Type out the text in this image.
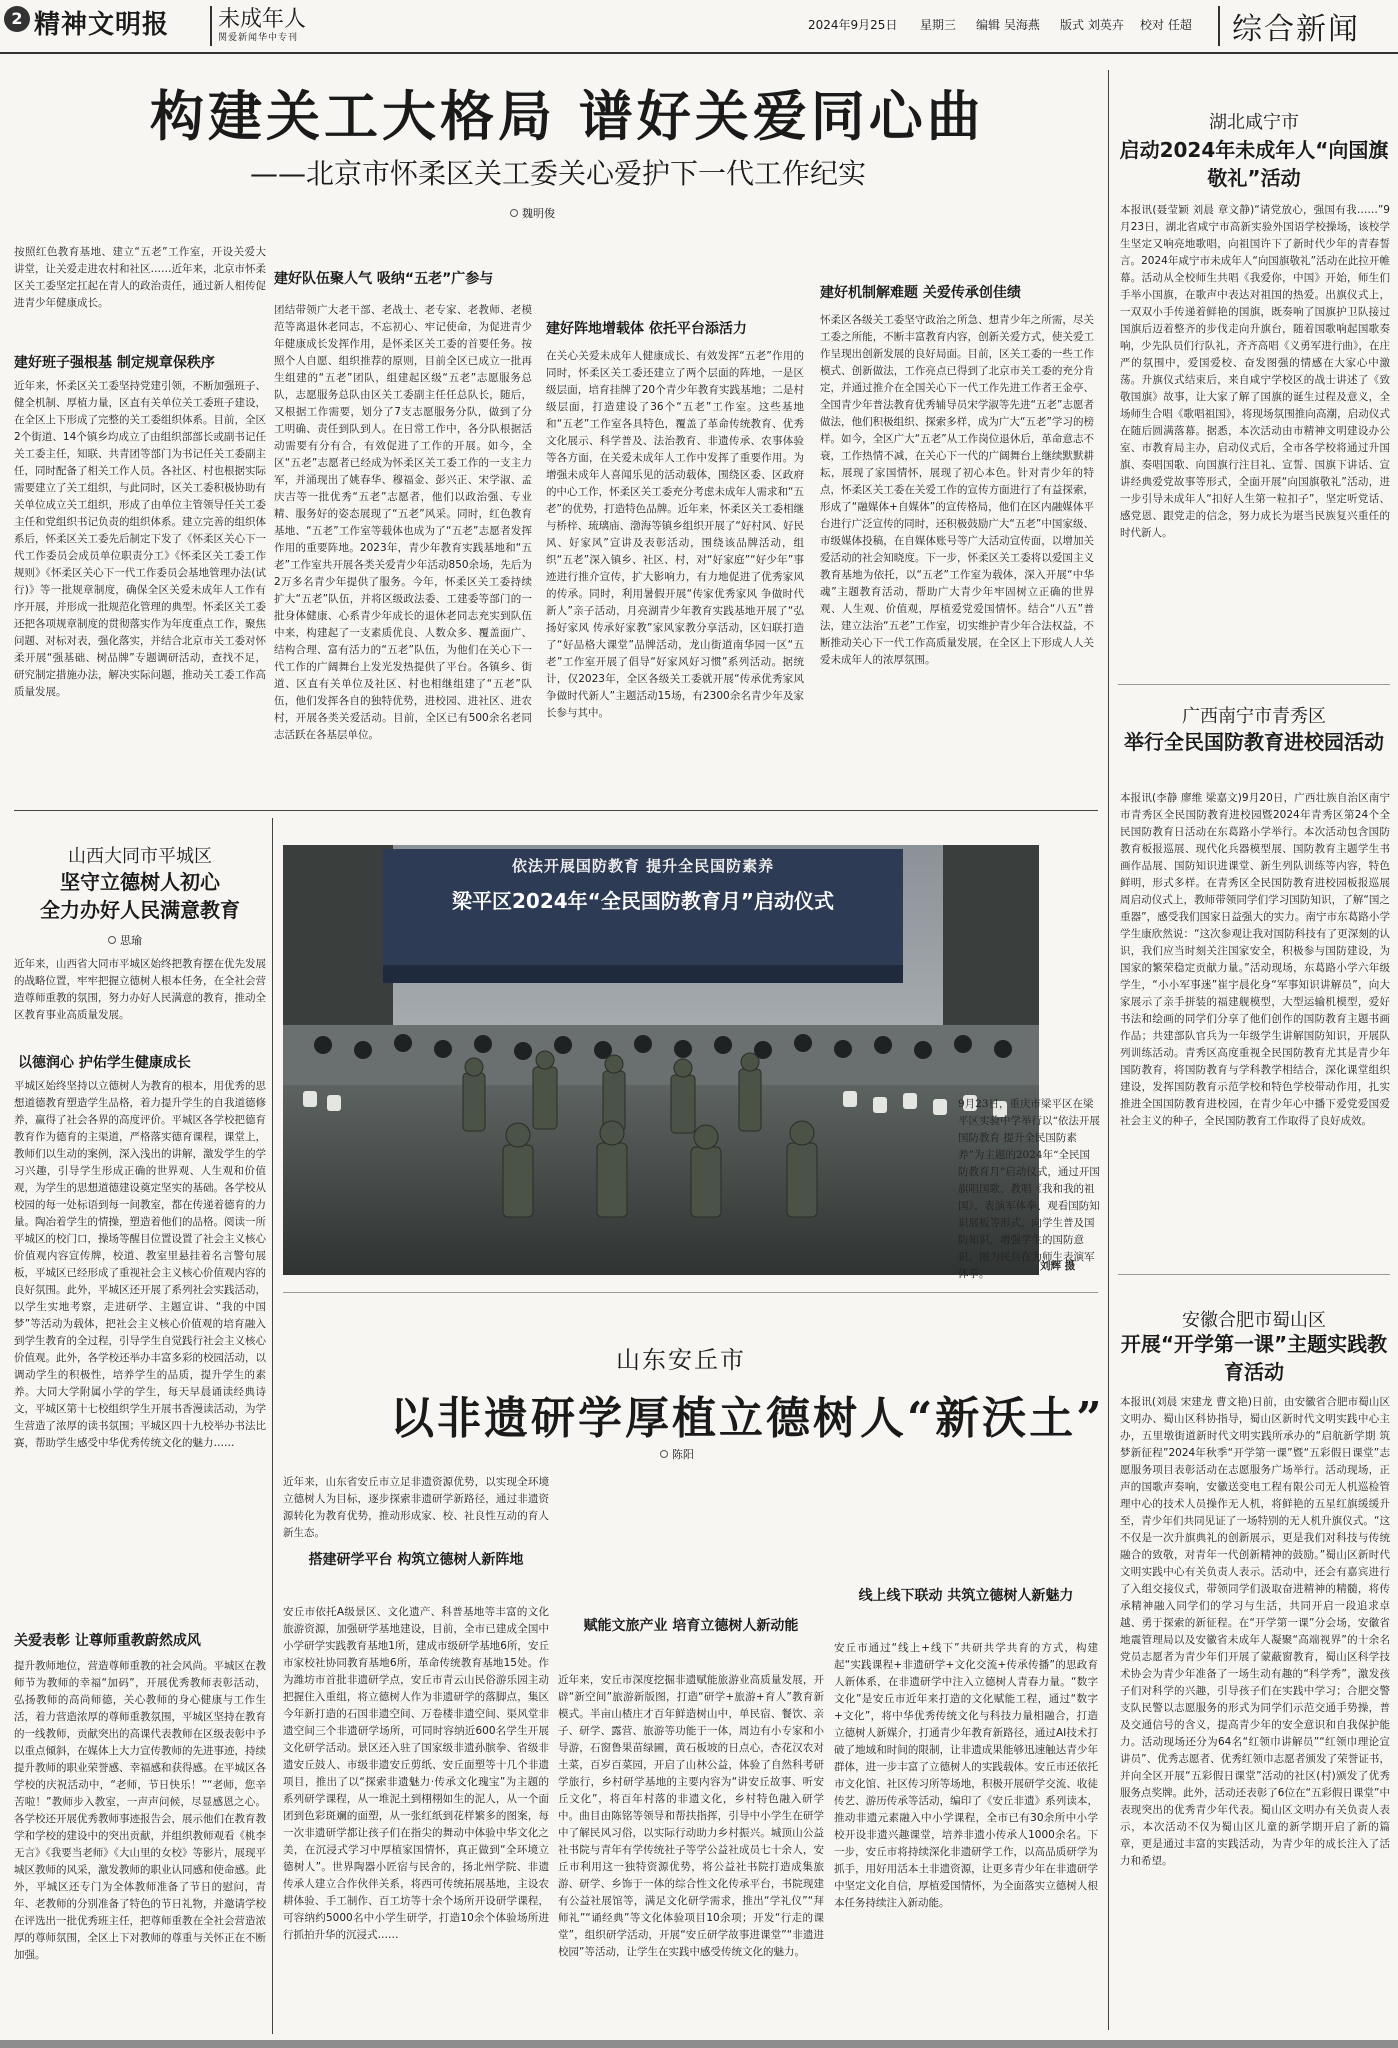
2 精神文明报 未成年人
関爱新闻华中专刊
2024年9月25日 星期三 编辑 吴海燕 版式 刘英卉 校对 任超 综合新闻
构建关工大格局 谱好关爱同心曲
——北京市怀柔区关工委关心爱护下一代工作纪实
魏明俊
按照红色教育基地、建立“五老”工作室，开设关爱大讲堂，让关爱走进农村和社区……近年来，北京市怀柔区关工委坚定扛起在青人的政治责任，通过新人相传促进青少年健康成长。
建好班子强根基 制定规章保秩序
近年来，怀柔区关工委坚持党建引领，不断加强班子、健全机制、厚植力量，区直有关单位关工委班子建设，在全区上下形成了完整的关工委组织体系。目前，全区2个街道、14个镇乡均成立了由组织部部长或副书记任关工委主任，知联、共青团等部门为书记任关工委副主任，同时配备了相关工作人员。各社区、村也根据实际需要建立了关工组织，与此同时，区关工委积极协助有关单位成立关工组织，形成了由单位主管领导任关工委主任和党组织书记负责的组织体系。建立完善的组织体系后，怀柔区关工委先后制定下发了《怀柔区关心下一代工作委员会成员单位职责分工》《怀柔区关工委工作规则》《怀柔区关心下一代工作委员会基地管理办法(试行)》等一批规章制度，确保全区关爱未成年人工作有序开展，并形成一批规范化管理的典型。怀柔区关工委还把各项规章制度的贯彻落实作为年度重点工作，聚焦问题、对标对表，强化落实，并结合北京市关工委对怀柔开展“强基础、树品牌”专题调研活动，查找不足，研究制定措施办法，解决实际问题，推动关工委工作高质量发展。
建好队伍聚人气 吸纳“五老”广参与
团结带领广大老干部、老战士、老专家、老教师、老模范等离退休老同志，不忘初心、牢记使命，为促进青少年健康成长发挥作用，是怀柔区关工委的首要任务。按照个人自愿、组织推荐的原则，目前全区已成立一批再生组建的“五老”团队，组建起区级“五老”志愿服务总队，志愿服务总队由区关工委副主任任总队长，随后，又根据工作需要，划分了7支志愿服务分队，做到了分工明确、责任到队到人。在日常工作中，各分队根据活动需要有分有合，有效促进了工作的开展。如今，全区“五老”志愿者已经成为怀柔区关工委工作的一支主力军，并涌现出了姚春华、穆福金、彭兴正、宋学淑、孟庆吉等一批优秀“五老”志愿者，他们以政治强、专业精、服务好的姿态展现了“五老”风采。同时，红色教育基地、“五老”工作室等载体也成为了“五老”志愿者发挥作用的重要阵地。2023年，青少年教育实践基地和“五老”工作室共开展各类关爱青少年活动850余场，先后为2万多名青少年提供了服务。今年，怀柔区关工委持续扩大“五老”队伍，并将区级政法委、工建委等部门的一批身体健康、心系青少年成长的退休老同志充实到队伍中来，构建起了一支素质优良、人数众多、覆盖面广、结构合理、富有活力的“五老”队伍，为他们在关心下一代工作的广阔舞台上发光发热提供了平台。各镇乡、街道、区直有关单位及社区、村也相继组建了“五老”队伍，他们发挥各自的独特优势，进校园、进社区、进农村，开展各类关爱活动。目前，全区已有500余名老同志活跃在各基层单位。
建好阵地增载体 依托平台添活力
在关心关爱未成年人健康成长、有效发挥“五老”作用的同时，怀柔区关工委还建立了两个层面的阵地，一是区级层面，培育挂牌了20个青少年教育实践基地；二是村级层面，打造建设了36个“五老”工作室。这些基地和“五老”工作室各具特色，覆盖了革命传统教育、优秀文化展示、科学普及、法治教育、非遗传承、农事体验等各方面，在关爱未成年人工作中发挥了重要作用。为增强未成年人喜闻乐见的活动载体，围绕区委、区政府的中心工作，怀柔区关工委充分考虑未成年人需求和“五老”的优势，打造特色品牌。近年来，怀柔区关工委相继与桥梓、琉璃庙、渤海等镇乡组织开展了“好村风、好民风、好家风”宣讲及表彰活动，围绕该品牌活动，组织“五老”深入镇乡、社区、村，对“好家庭”“好少年”事迹进行推介宣传，扩大影响力，有力地促进了优秀家风的传承。同时，利用暑假开展“传家优秀家风 争做时代新人”亲子活动，月亮湖青少年教育实践基地开展了“弘扬好家风 传承好家教”家风家教分享活动，区妇联打造了“好品格大课堂”品牌活动，龙山街道南华园一区“五老”工作室开展了倡导“好家风好习惯”系列活动。据统计，仅2023年，全区各级关工委就开展“传承优秀家风 争做时代新人”主题活动15场，有2300余名青少年及家长参与其中。
建好机制解难题 关爱传承创佳绩
怀柔区各级关工委坚守政治之所急、想青少年之所需，尽关工委之所能，不断丰富教育内容，创新关爱方式，使关爱工作呈现出创新发展的良好局面。目前，区关工委的一些工作模式、创新做法，工作亮点已得到了北京市关工委的充分肯定，并通过推介在全国关心下一代工作先进工作者王金亭、全国青少年普法教育优秀辅导员宋学淑等先进“五老”志愿者做法，他们积极组织、探索多样，成为广大“五老”学习的榜样。如今，全区广大“五老”从工作岗位退休后，革命意志不衰，工作热情不减，在关心下一代的广阔舞台上继续默默耕耘，展现了家国情怀，展现了初心本色。针对青少年的特点，怀柔区关工委在关爱工作的宣传方面进行了有益探索，形成了“融媒体+自媒体”的宣传格局，他们在区内融媒体平台进行广泛宣传的同时，还积极鼓励广大“五老”中国家级、市级媒体投稿，在自媒体账号等广大活动宣传面，以增加关爱活动的社会知晓度。下一步，怀柔区关工委将以爱国主义教育基地为依托，以“五老”工作室为载体，深入开展“中华魂”主题教育活动，帮助广大青少年牢固树立正确的世界观、人生观、价值观，厚植爱党爱国情怀。结合“八五”普法，建立法治“五老”工作室，切实维护青少年合法权益，不断推动关心下一代工作高质量发展，在全区上下形成人人关爱未成年人的浓厚氛围。
湖北咸宁市
启动2024年未成年人“向国旗敬礼”活动
本报讯(聂莹颖 刘晨 章文静)“请党放心，强国有我……”9月23日，湖北省咸宁市高新实验外国语学校操场，该校学生坚定又响亮地歌唱，向祖国许下了新时代少年的青春誓言。2024年咸宁市未成年人“向国旗敬礼”活动在此拉开帷幕。活动从全校师生共唱《我爱你，中国》开始，师生们手举小国旗，在歌声中表达对祖国的热爱。出旗仪式上，一双双小手传递着鲜艳的国旗，既奏响了国旗护卫队接过国旗后迈着整齐的步伐走向升旗台，随着国歌响起国歌奏响，少先队员们行队礼，齐齐高唱《义勇军进行曲》，在庄严的氛围中，爱国爱校、奋发图强的情感在大家心中激荡。升旗仪式结束后，来自咸宁学校区的战士讲述了《致敬国旗》故事，让大家了解了国旗的诞生过程及意义，全场师生合唱《歌唱祖国》，将现场氛围推向高潮，启动仪式在随后圆满落幕。据悉，本次活动由市精神文明建设办公室、市教育局主办，启动仪式后，全市各学校将通过升国旗、奏唱国歌、向国旗行注目礼、宣誓、国旗下讲话、宣讲经典爱党故事等形式，全面开展“向国旗敬礼”活动，进一步引导未成年人“扣好人生第一粒扣子”，坚定听党话、感党恩、跟党走的信念，努力成长为堪当民族复兴重任的时代新人。
广西南宁市青秀区
举行全民国防教育进校园活动
本报讯(李静 廖维 梁嘉文)9月20日，广西壮族自治区南宁市青秀区全民国防教育进校园暨2024年青秀区第24个全民国防教育日活动在东葛路小学举行。本次活动包含国防教育板报巡展、现代化兵器模型展、国防教育主题学生书画作品展、国防知识进课堂、新生列队训练等内容，特色鲜明，形式多样。在青秀区全民国防教育进校园板报巡展周启动仪式上，教师带领同学们学习国防知识，了解“国之重器”，感受我们国家日益强大的实力。南宁市东葛路小学学生康欣然说：“这次参观让我对国防科技有了更深刻的认识，我们应当时刻关注国家安全，积极参与国防建设，为国家的繁荣稳定贡献力量。”活动现场，东葛路小学六年级学生，“小小军事迷”崔宇晨化身“军事知识讲解员”，向大家展示了亲手拼装的福建舰模型，大型运输机模型，爱好书法和绘画的同学们分享了他们创作的国防教育主题书画作品；共建部队官兵为一年级学生讲解国防知识，开展队列训练活动。青秀区高度重视全民国防教育尤其是青少年国防教育，将国防教育与学科教学相结合，深化课堂组织建设，发挥国防教育示范学校和特色学校带动作用，扎实推进全国国防教育进校园，在青少年心中播下爱党爱国爱社会主义的种子，全民国防教育工作取得了良好成效。
安徽合肥市蜀山区
开展“开学第一课”主题实践教育活动
本报讯(刘晨 宋建龙 曹文艳)日前，由安徽省合肥市蜀山区文明办、蜀山区科协指导，蜀山区新时代文明实践中心主办，五里墩街道新时代文明实践所承办的“启航新学期 筑梦新征程”2024年秋季“开学第一课”暨“五彩假日课堂”志愿服务项目表彰活动在志愿服务广场举行。活动现场，正声的国歌声奏响，安徽送变电工程有限公司无人机巡检管理中心的技术人员操作无人机，将鲜艳的五星红旗缓缓升至，青少年们共同见证了一场特别的无人机升旗仪式。“这不仅是一次升旗典礼的创新展示，更是我们对科技与传统融合的致敬，对青年一代创新精神的鼓励。”蜀山区新时代文明实践中心有关负责人表示。活动中，还会有嘉宾进行了入组交接仪式，带领同学们汲取奋进精神的精髓，将传承精神融入同学们的学习与生活，共同开启一段追求卓越、勇于探索的新征程。在“开学第一课”分会场，安徽省地震管理局以及安徽省未成年人凝聚“高端视界”的十余名党员志愿者为青少年们开展了蒙蔽窗教育，蜀山区科学技术协会为青少年准备了一场生动有趣的“科学秀”，激发孩子们对科学的兴趣，引导孩子们在实践中学习；合肥交警支队民警以志愿服务的形式为同学们示范交通手势操，普及交通信号的含义，提高青少年的安全意识和自我保护能力。活动现场还分为64名“红领巾讲解员”“红领巾理论宣讲员”、优秀志愿者、优秀红领巾志愿者颁发了荣誉证书，并向全区开展“五彩假日课堂”活动的社区(村)颁发了优秀服务点奖牌。此外，活动还表彰了6位在“五彩假日课堂”中表现突出的优秀青少年代表。蜀山区文明办有关负责人表示，本次活动不仅为蜀山区儿童的新学期开启了新的篇章，更是通过丰富的实践活动，为青少年的成长注入了活力和希望。
山西大同市平城区
坚守立德树人初心
全力办好人民满意教育
思瑜
近年来，山西省大同市平城区始终把教育摆在优先发展的战略位置，牢牢把握立德树人根本任务，在全社会营造尊师重教的氛围，努力办好人民满意的教育，推动全区教育事业高质量发展。
以德润心 护佑学生健康成长
平城区始终坚持以立德树人为教育的根本，用优秀的思想道德教育塑造学生品格，着力提升学生的自我道德修养，赢得了社会各界的高度评价。平城区各学校把德育教育作为德育的主渠道，严格落实德育课程，课堂上，教师们以生动的案例，深入浅出的讲解，激发学生的学习兴趣，引导学生形成正确的世界观、人生观和价值观，为学生的思想道德建设奠定坚实的基础。各学校从校园的每一处标语到每一间教室，都在传递着德育的力量。陶冶着学生的情操，塑造着他们的品格。阅读一所平城区的校门口，操场等醒目位置设置了社会主义核心价值观内容宣传牌，校道、教室里悬挂着名言警句展板，平城区已经形成了重视社会主义核心价值观内容的良好氛围。此外，平城区还开展了系列社会实践活动，以学生实地考察，走进研学、主题宣讲、“我的中国梦”等活动为载体，把社会主义核心价值观的培育融入到学生教育的全过程，引导学生自觉践行社会主义核心价值观。此外，各学校还举办丰富多彩的校园活动，以调动学生的积极性，培养学生的品质，提升学生的素养。大同大学附属小学的学生，每天早晨诵读经典诗文，平城区第十七校组织学生开展书香漫读活动，为学生营造了浓厚的读书氛围；平城区四十九校举办书法比赛，帮助学生感受中华优秀传统文化的魅力……
关爱表彰 让尊师重教蔚然成风
提升教师地位，营造尊师重教的社会风尚。平城区在教师节为教师的幸福“加码”，开展优秀教师表彰活动，弘扬教师的高尚师德，关心教师的身心健康与工作生活，着力营造浓厚的尊师重教氛围，平城区坚持在教育的一线教师，贡献突出的高课代表教师在区级表彰中予以重点倾斜，在媒体上大力宣传教师的先进事迹，持续提升教师的职业荣誉感、幸福感和获得感。在平城区各学校的庆祝活动中，“老师，节日快乐！”“老师，您辛苦啦！”教师步入教室，一声声问候，尽显感恩之心。各学校还开展优秀教师事迹报告会，展示他们在教育教学和学校的建设中的突出贡献，并组织教师观看《桃李无言》《我要当老师》《大山里的女校》等影片，展现平城区教师的风采，激发教师的职业认同感和使命感。此外，平城区还专门为全体教师准备了节日的慰问，青年、老教师的分别准备了特色的节日礼物，并邀请学校在评选出一批优秀班主任，把尊师重教在全社会营造浓厚的尊师氛围，全区上下对教师的尊重与关怀正在不断加强。
依法开展国防教育 提升全民国防素养
梁平区2024年“全民国防教育月”启动仪式
9月23日，重庆市梁平区在梁平区实验中学举行以“依法开展国防教育 提升全民国防素养”为主题的2024年“全民国防教育月”启动仪式，通过开国旗唱国歌、教唱《我和我的祖国》、表演军体拳、观看国防知识展板等形式，向学生普及国防知识，增强学生的国防意识。图为民兵在为师生表演军体拳。
刘辉 摄
山东安丘市
以非遗研学厚植立德树人“新沃土”
陈阳
近年来，山东省安丘市立足非遗资源优势，以实现全环境立德树人为目标，逐步探索非遗研学新路径，通过非遗资源转化为教育优势，推动形成家、校、社良性互动的育人新生态。
搭建研学平台 构筑立德树人新阵地
安丘市依托A级景区、文化遗产、科普基地等丰富的文化旅游资源，加强研学基地建设，目前，全市已建成全国中小学研学实践教育基地1所，建成市级研学基地6所，安丘市家校社协同教育基地6所，革命传统教育基地15处。作为潍坊市首批非遗研学点，安丘市青云山民俗游乐园主动把握住入重组，将立德树人作为非遗研学的落脚点，集区今年新打造的石国非遗空间、万卷楼非遗空间、渠风堂非遗空间三个非遗研学场所，可同时容纳近600名学生开展文化研学活动。景区还入驻了国家级非遗孙膑拳、省级非遗安丘鼓人、市级非遗安丘剪纸、安丘面塑等十几个非遗项目，推出了以“探索非遗魅力·传承文化瑰宝”为主题的系列研学课程，从一堆泥土到栩栩如生的泥人，从一个面团到色彩斑斓的面塑，从一张红纸到花样繁多的图案，每一次非遗研学都让孩子们在指尖的舞动中体验中华文化之美，在沉浸式学习中厚植家国情怀，真正做到“全环境立德树人”。世界陶器小匠宿与民舍的，扬北州学院、非遗传承人建立合作伙伴关系，将西可传统拓展基地，主设农耕体验、手工制作、百工坊等十余个场所开设研学课程，可容纳约5000名中小学生研学，打造10余个体验场所进行抓拍升华的沉浸式……
赋能文旅产业 培育立德树人新动能
近年来，安丘市深度挖掘非遗赋能旅游业高质量发展，开辟“新空间”旅游新版图，打造“研学+旅游+育人”教育新模式。半亩山楂庄才百年鲜造树山中，单民宿、餐饮、亲子、研学、露营、旅游等功能于一体，周边有小专家和小导游，石窗鲁果苗绿圃，黄石板坡的日点心，杏花汉农对土菜，百岁百菜园，开启了山林公益，体验了自然科考研学旅行，乡村研学基地的主要内容为“讲安丘故事、听安丘文化”，将百年村落的非遗文化，乡村特色融入研学中。曲目由陈铭等领导和帮扶指挥，引导中小学生在研学中了解民风习俗，以实际行动助力乡村振兴。城顶山公益社书院与青年有学传统社子等学公益社成员七十余人，安丘市利用这一独特资源优势，将公益社书院打造成集旅游、研学、乡饰于一体的综合性文化传承平台，书院现建有公益社展馆等，满足文化研学需求，推出“学礼仪”“拜师礼”“诵经典”等文化体验项目10余项；开发“行走的课堂”，组织研学活动，开展“安丘研学故事进课堂”“非遗进校园”等活动，让学生在实践中感受传统文化的魅力。
线上线下联动 共筑立德树人新魅力
安丘市通过“线上+线下”共研共学共育的方式，构建起“实践课程+非遗研学+文化交流+传承传播”的思政育人新体系，在非遗研学中注入立德树人青春力量。“数字文化”是安丘市近年来打造的文化赋能工程，通过“数字+文化”，将中华优秀传统文化与科技力量相融合，打造立德树人新媒介，打通青少年教育新路径，通过AI技术打破了地域和时间的限制，让非遗成果能够迅速触达青少年群体，进一步丰富了立德树人的实践载体。安丘市还依托市文化馆、社区传习所等场地，积极开展研学交流、收徒传艺、游历传承等活动，编印了《安丘非遗》系列读本，推动非遗元素融入中小学课程，全市已有30余所中小学校开设非遗兴趣课堂，培养非遗小传承人1000余名。下一步，安丘市将持续深化非遗研学工作，以高品质研学为抓手，用好用活本土非遗资源，让更多青少年在非遗研学中坚定文化自信，厚植爱国情怀，为全面落实立德树人根本任务持续注入新动能。
